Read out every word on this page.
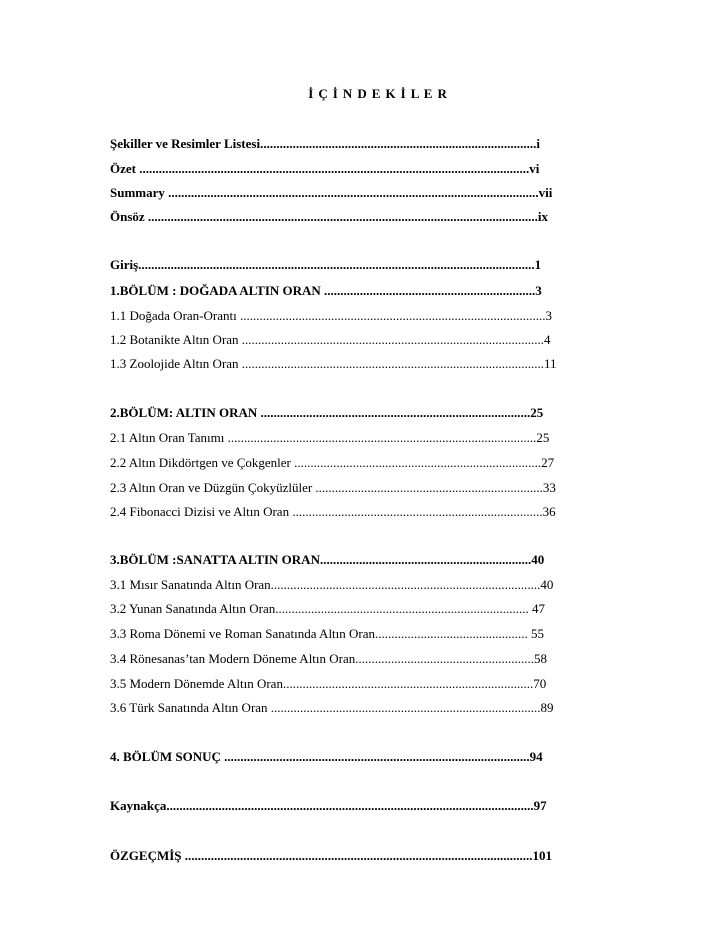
İ Ç İ N D E K İ L E R
Şekiller ve Resimler Listesi.....................................................................................i
Özet ........................................................................................................................vi
Summary ..................................................................................................................vii
Önsöz ........................................................................................................................ix
Giriş..........................................................................................................................1
1.BÖLÜM : DOĞADA ALTIN ORAN .................................................................3
1.1 Doğada Oran-Orantı ..............................................................................................3
1.2 Botanikte Altın Oran .............................................................................................4
1.3 Zoolojide Altın Oran .............................................................................................11
2.BÖLÜM: ALTIN ORAN ...................................................................................25
2.1 Altın Oran Tanımı ...............................................................................................25
2.2 Altın Dikdörtgen ve Çokgenler ............................................................................27
2.3 Altın Oran ve Düzgün Çokyüzlüler ......................................................................33
2.4 Fibonacci Dizisi ve Altın Oran .............................................................................36
3.BÖLÜM :SANATTA ALTIN ORAN.................................................................40
3.1 Mısır Sanatında Altın Oran...................................................................................40
3.2 Yunan Sanatında Altın Oran.............................................................................. 47
3.3 Roma Dönemi ve Roman Sanatında Altın Oran............................................... 55
3.4 Rönesanas’tan Modern Döneme Altın Oran.......................................................58
3.5 Modern Dönemde Altın Oran.............................................................................70
3.6 Türk Sanatında Altın Oran ...................................................................................89
4. BÖLÜM SONUÇ ..............................................................................................94
Kaynakça.................................................................................................................97
ÖZGEÇMİŞ ...........................................................................................................101
